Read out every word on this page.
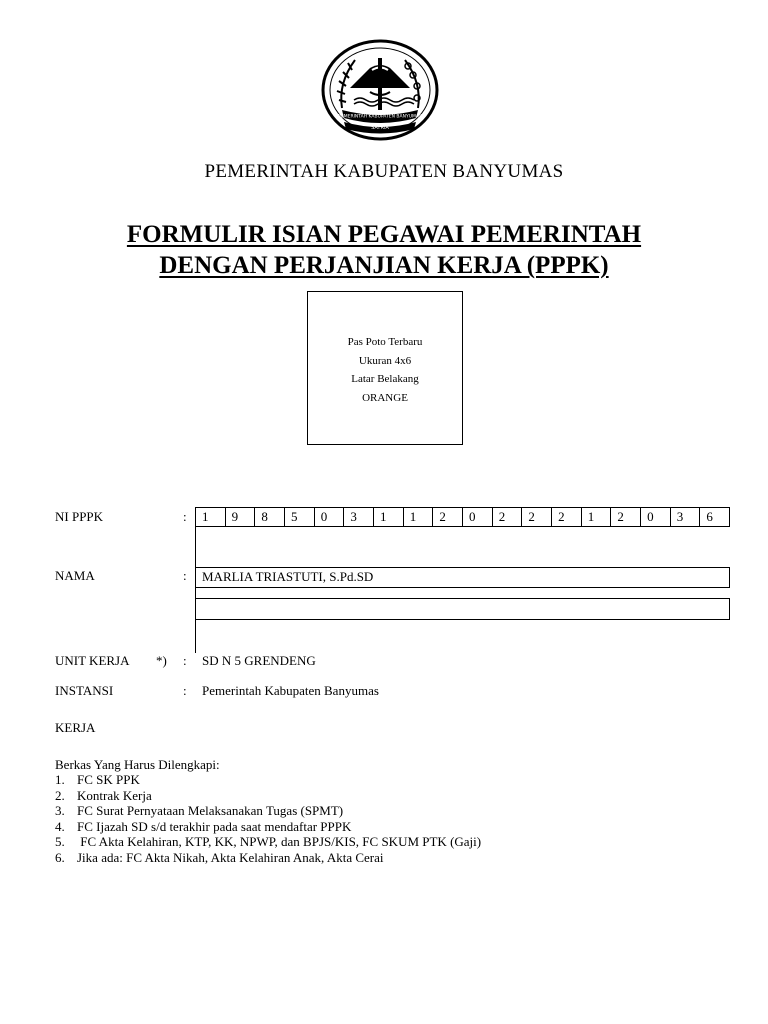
PEMERINTAH KABUPATEN BANYUMAS
SATRIA
PEMERINTAH KABUPATEN BANYUMAS
FORMULIR ISIAN PEGAWAI PEMERINTAH
DENGAN PERJANJIAN KERJA (PPPK)
Pas Poto Terbaru
Ukuran 4x6
Latar Belakang
ORANGE
NI PPPK	:	1	9	8	5	0	3	1	1	2	0	2	2	2	1	2	0	3	6
NAMA	:	MARLIA TRIASTUTI, S.Pd.SD
UNIT KERJA *) : SD N 5 GRENDENG
INSTANSI	: Pemerintah Kabupaten Banyumas
KERJA
Berkas Yang Harus Dilengkapi:
1. FC SK PPK
2. Kontrak Kerja
3. FC Surat Pernyataan Melaksanakan Tugas (SPMT)
4. FC Ijazah SD s/d terakhir pada saat mendaftar PPPK
5. FC Akta Kelahiran, KTP, KK, NPWP, dan BPJS/KIS, FC SKUM PTK (Gaji)
6. Jika ada: FC Akta Nikah, Akta Kelahiran Anak, Akta Cerai
